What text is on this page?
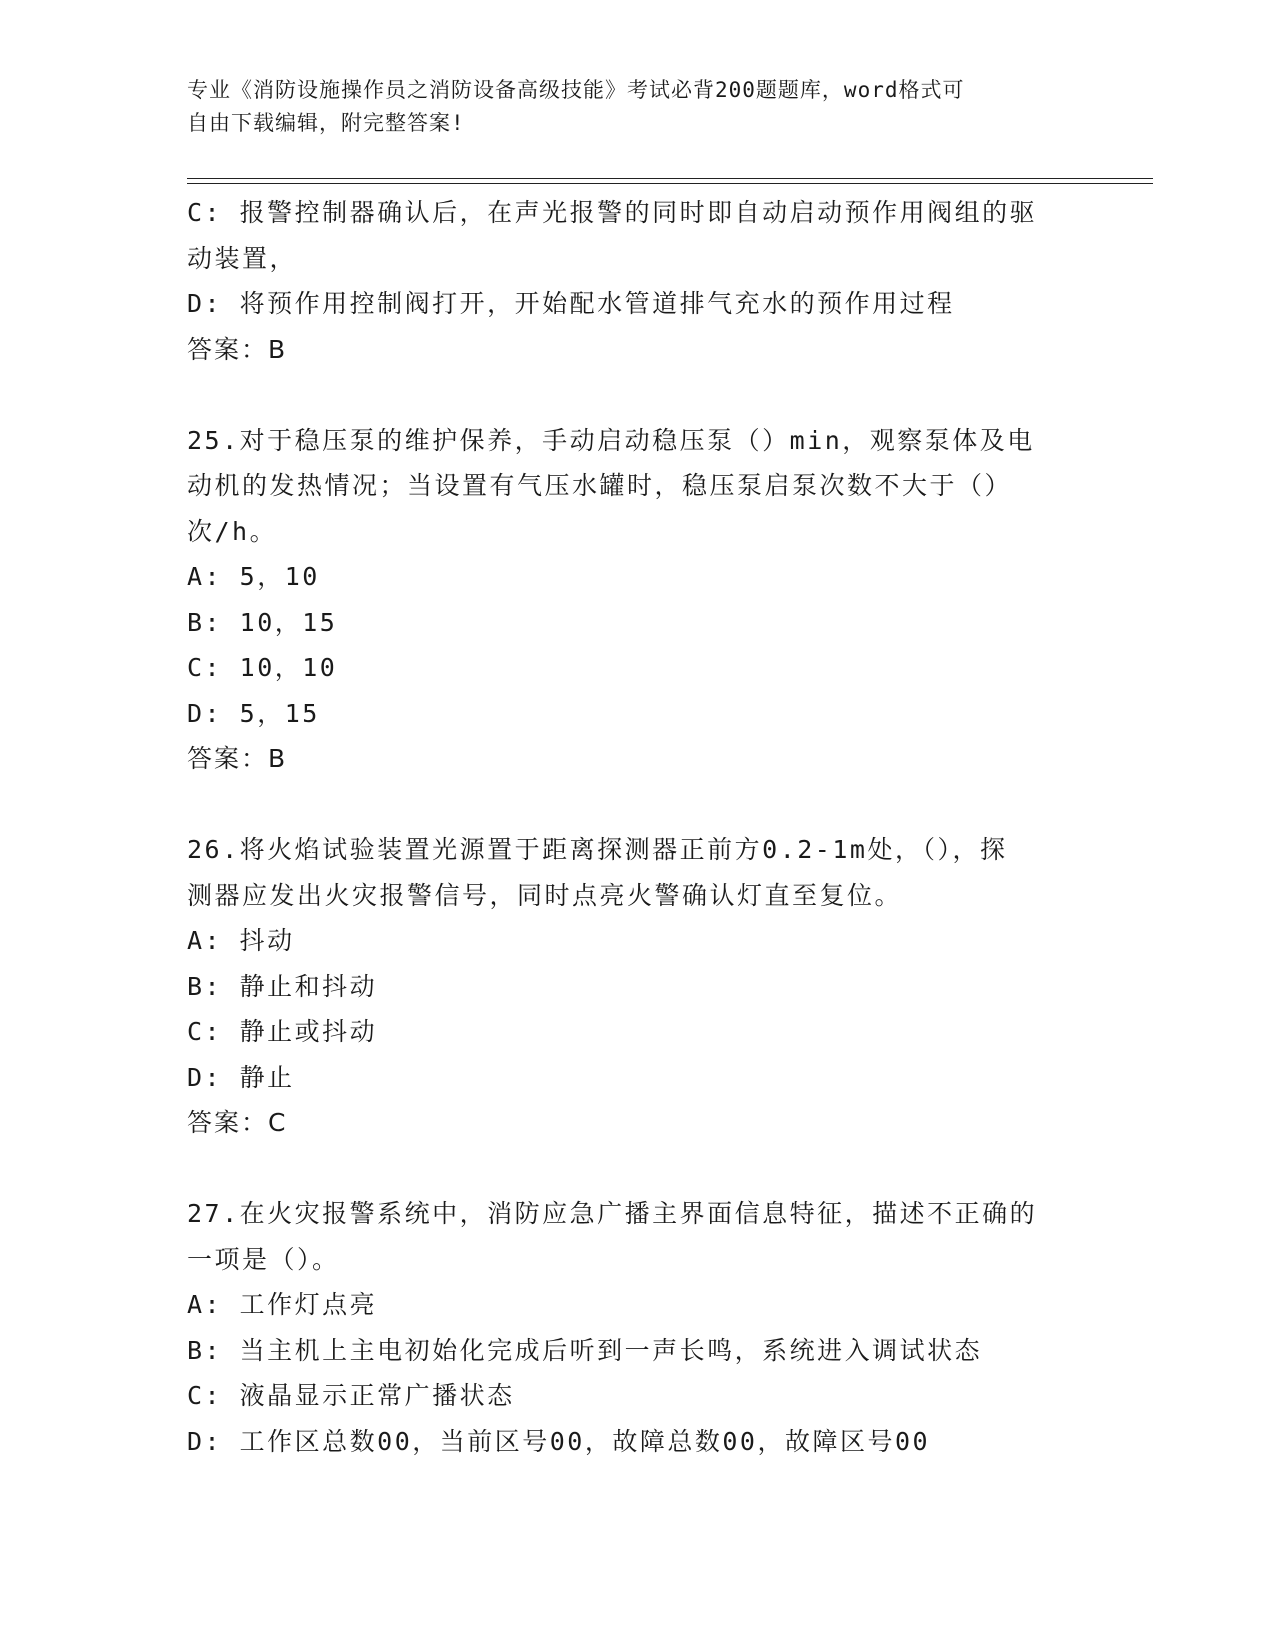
专业《消防设施操作员之消防设备高级技能》考试必背200题题库，word格式可
自由下载编辑，附完整答案!
C: 报警控制器确认后，在声光报警的同时即自动启动预作用阀组的驱
动装置，
D: 将预作用控制阀打开，开始配水管道排气充水的预作用过程
答案：B
25.对于稳压泵的维护保养，手动启动稳压泵（）min，观察泵体及电
动机的发热情况；当设置有气压水罐时，稳压泵启泵次数不大于（）
次/h。
A: 5，10
B: 10，15
C: 10，10
D: 5，15
答案：B
26.将火焰试验装置光源置于距离探测器正前方0.2-1m处，（），探
测器应发出火灾报警信号，同时点亮火警确认灯直至复位。
A: 抖动
B: 静止和抖动
C: 静止或抖动
D: 静止
答案：C
27.在火灾报警系统中，消防应急广播主界面信息特征，描述不正确的
一项是（）。
A: 工作灯点亮
B: 当主机上主电初始化完成后听到一声长鸣，系统进入调试状态
C: 液晶显示正常广播状态
D: 工作区总数00，当前区号00，故障总数00，故障区号00
